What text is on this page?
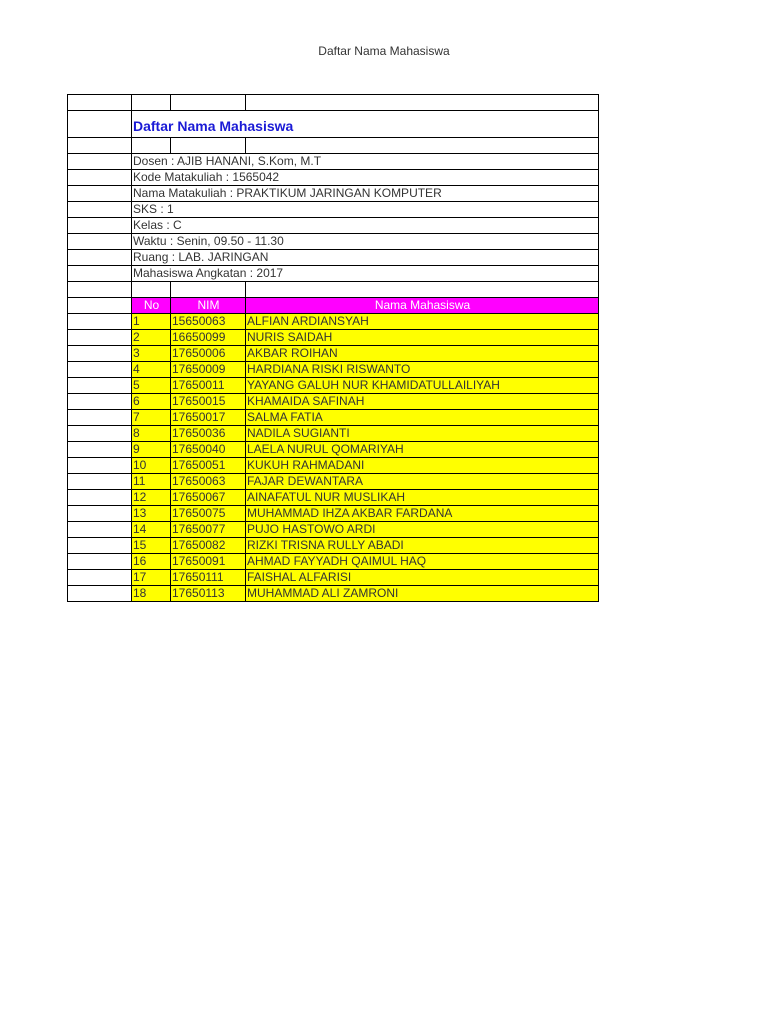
Daftar Nama Mahasiswa

	Daftar Nama Mahasiswa		

	Dosen : AJIB HANANI, S.Kom, M.T		
	Kode Matakuliah : 1565042		
	Nama Matakuliah : PRAKTIKUM JARINGAN KOMPUTER		
	SKS : 1		
	Kelas : C		
	Waktu : Senin, 09.50 - 11.30		
	Ruang : LAB. JARINGAN		
	Mahasiswa Angkatan : 2017		

	No	NIM	Nama Mahasiswa
	1	15650063	ALFIAN ARDIANSYAH
	2	16650099	NURIS SAIDAH
	3	17650006	AKBAR ROIHAN
	4	17650009	HARDIANA RISKI RISWANTO
	5	17650011	YAYANG GALUH NUR KHAMIDATULLAILIYAH
	6	17650015	KHAMAIDA SAFINAH
	7	17650017	SALMA FATIA
	8	17650036	NADILA SUGIANTI
	9	17650040	LAELA NURUL QOMARIYAH
	10	17650051	KUKUH RAHMADANI
	11	17650063	FAJAR DEWANTARA
	12	17650067	AINAFATUL NUR MUSLIKAH
	13	17650075	MUHAMMAD IHZA AKBAR FARDANA
	14	17650077	PUJO HASTOWO ARDI
	15	17650082	RIZKI TRISNA RULLY ABADI
	16	17650091	AHMAD FAYYADH QAIMUL HAQ
	17	17650111	FAISHAL ALFARISI
	18	17650113	MUHAMMAD ALI ZAMRONI
